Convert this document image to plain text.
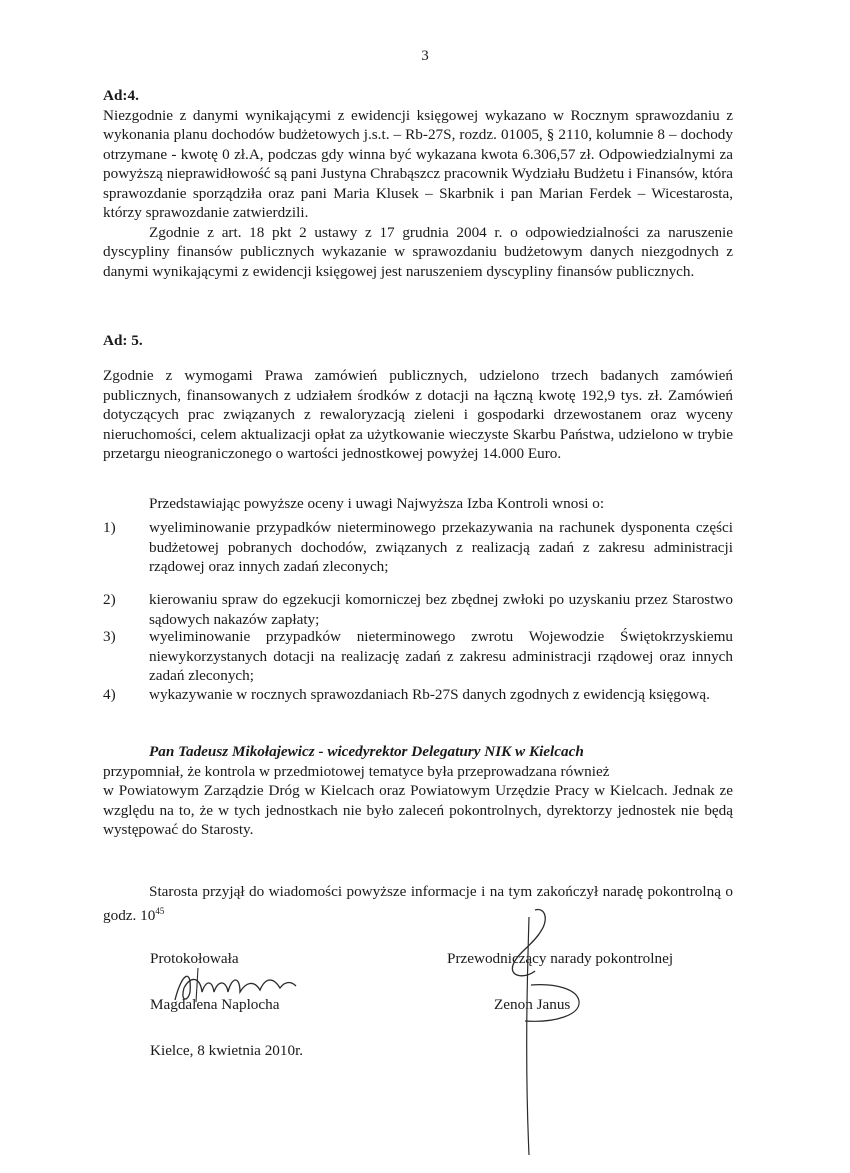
3

Ad:4.

Niezgodnie z danymi wynikającymi z ewidencji księgowej wykazano w Rocznym sprawozdaniu z wykonania planu dochodów budżetowych j.s.t. – Rb-27S, rozdz. 01005, § 2110, kolumnie 8 – dochody otrzymane - kwotę 0 zł.A, podczas gdy winna być wykazana kwota 6.306,57 zł. Odpowiedzialnymi za powyższą nieprawidłowość są pani Justyna Chrabąszcz pracownik Wydziału Budżetu i Finansów, która sprawozdanie sporządziła oraz pani Maria Klusek – Skarbnik i pan Marian Ferdek – Wicestarosta, którzy sprawozdanie zatwierdzili.

Zgodnie z art. 18 pkt 2 ustawy z 17 grudnia 2004 r. o odpowiedzialności za naruszenie dyscypliny finansów publicznych wykazanie w sprawozdaniu budżetowym danych niezgodnych z danymi wynikającymi z ewidencji księgowej jest naruszeniem dyscypliny finansów publicznych.

Ad: 5.

Zgodnie z wymogami Prawa zamówień publicznych, udzielono trzech badanych zamówień publicznych, finansowanych z udziałem środków z dotacji na łączną kwotę 192,9 tys. zł. Zamówień dotyczących prac związanych z rewaloryzacją zieleni i gospodarki drzewostanem oraz wyceny nieruchomości, celem aktualizacji opłat za użytkowanie wieczyste Skarbu Państwa, udzielono w trybie przetargu nieograniczonego o wartości jednostkowej powyżej 14.000 Euro.

Przedstawiając powyższe oceny i uwagi Najwyższa Izba Kontroli wnosi o:

1) wyeliminowanie przypadków nieterminowego przekazywania na rachunek dysponenta części budżetowej pobranych dochodów, związanych z realizacją zadań z zakresu administracji rządowej oraz innych zadań zleconych;

2) kierowaniu spraw do egzekucji komorniczej bez zbędnej zwłoki po uzyskaniu przez Starostwo sądowych nakazów zapłaty;

3) wyeliminowanie przypadków nieterminowego zwrotu Wojewodzie Świętokrzyskiemu niewykorzystanych dotacji na realizację zadań z zakresu administracji rządowej oraz innych zadań zleconych;

4) wykazywanie w rocznych sprawozdaniach Rb-27S danych zgodnych z ewidencją księgową.

Pan Tadeusz Mikołajewicz - wicedyrektor Delegatury NIK w Kielcach

przypomniał, że kontrola w przedmiotowej tematyce była przeprowadzana również

w Powiatowym Zarządzie Dróg w Kielcach oraz Powiatowym Urzędzie Pracy w Kielcach. Jednak ze względu na to, że w tych jednostkach nie było zaleceń pokontrolnych, dyrektorzy jednostek nie będą występować do Starosty.

Starosta przyjął do wiadomości powyższe informacje i na tym zakończył naradę pokontrolną o godz. $10^{45}$

Protokołowała
Magdalena Naplocha
Przewodniczący narady pokontrolnej
Zenon Janus
Kielce, 8 kwietnia 2010r.
